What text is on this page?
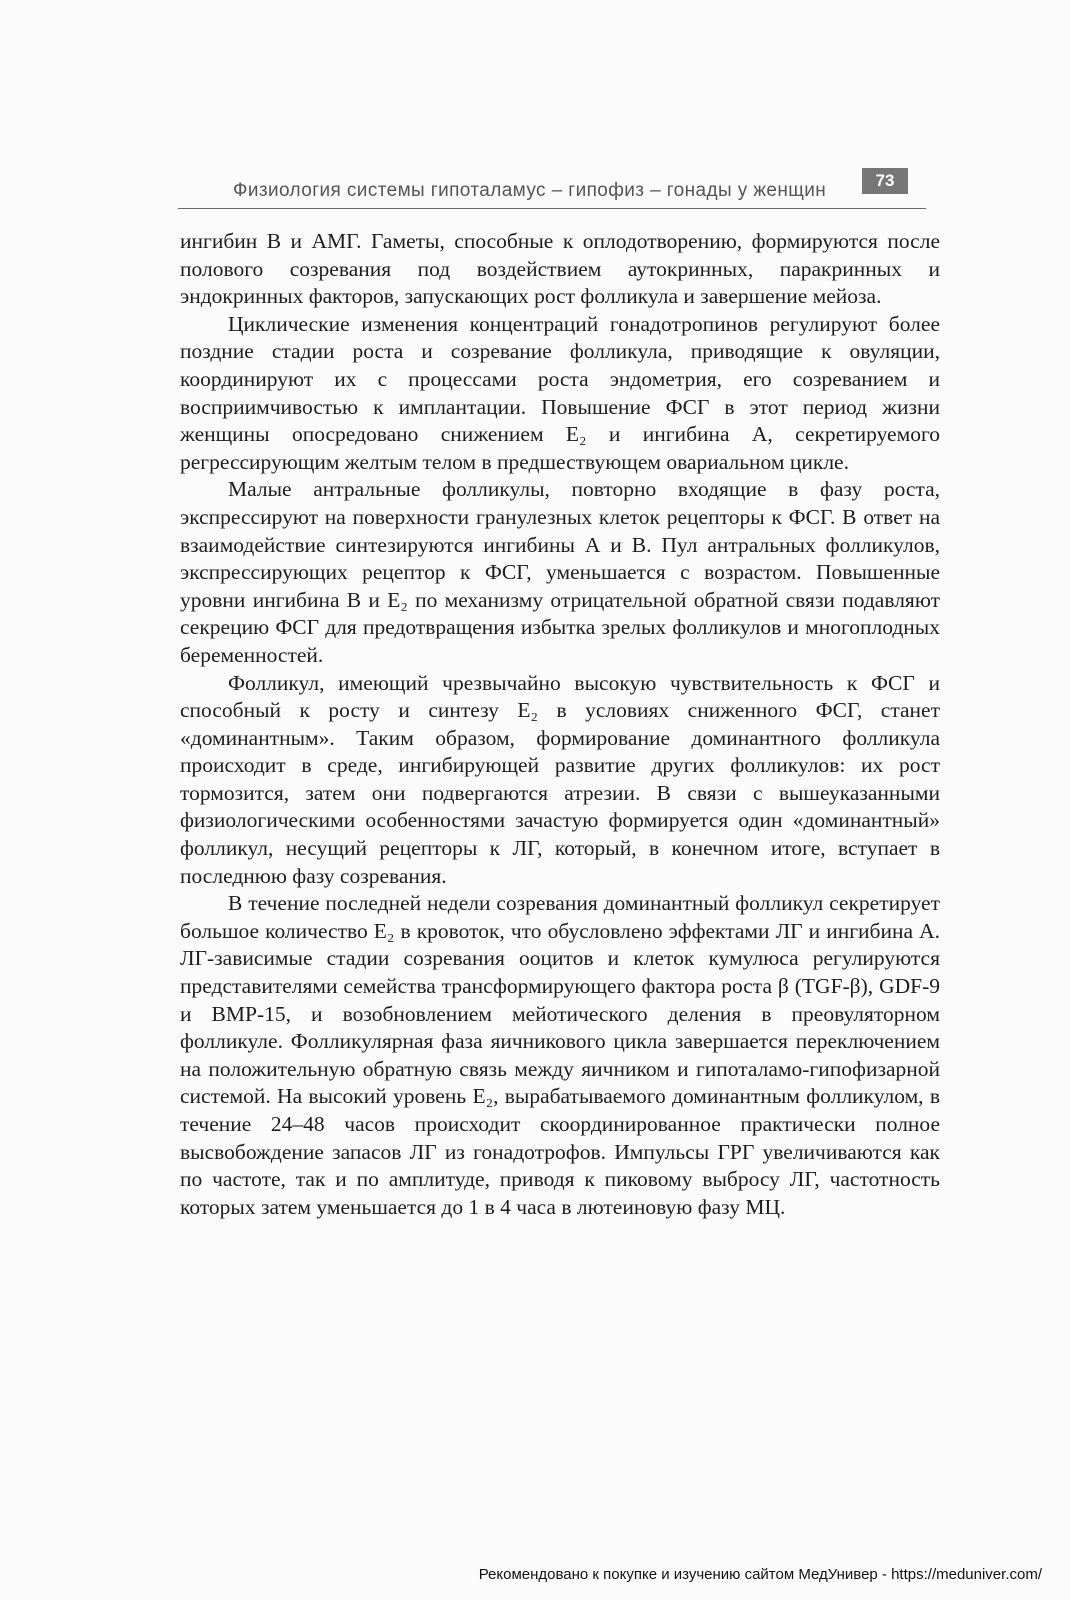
Физиология системы гипоталамус – гипофиз – гонады у женщин	73

ингибин В и АМГ. Гаметы, способные к оплодотворению, формируются после полового созревания под воздействием аутокринных, паракринных и эндокринных факторов, запускающих рост фолликула и завершение мейоза.

Циклические изменения концентраций гонадотропинов регулируют более поздние стадии роста и созревание фолликула, приводящие к овуляции, координируют их с процессами роста эндометрия, его созреванием и восприимчивостью к имплантации. Повышение ФСГ в этот период жизни женщины опосредовано снижением E₂ и ингибина А, секретируемого регрессирующим желтым телом в предшествующем овариальном цикле.

Малые антральные фолликулы, повторно входящие в фазу роста, экспрессируют на поверхности гранулезных клеток рецепторы к ФСГ. В ответ на взаимодействие синтезируются ингибины А и В. Пул антральных фолликулов, экспрессирующих рецептор к ФСГ, уменьшается с возрастом. Повышенные уровни ингибина В и E₂ по механизму отрицательной обратной связи подавляют секрецию ФСГ для предотвращения избытка зрелых фолликулов и многоплодных беременностей.

Фолликул, имеющий чрезвычайно высокую чувствительность к ФСГ и способный к росту и синтезу E₂ в условиях сниженного ФСГ, станет «доминантным». Таким образом, формирование доминантного фолликула происходит в среде, ингибирующей развитие других фолликулов: их рост тормозится, затем они подвергаются атрезии. В связи с вышеуказанными физиологическими особенностями зачастую формируется один «доминантный» фолликул, несущий рецепторы к ЛГ, который, в конечном итоге, вступает в последнюю фазу созревания.

В течение последней недели созревания доминантный фолликул секретирует большое количество E₂ в кровоток, что обусловлено эффектами ЛГ и ингибина А. ЛГ-зависимые стадии созревания ооцитов и клеток кумулюса регулируются представителями семейства трансформирующего фактора роста β (TGF-β), GDF-9 и BMP-15, и возобновлением мейотического деления в преовуляторном фолликуле. Фолликулярная фаза яичникового цикла завершается переключением на положительную обратную связь между яичником и гипоталамо-гипофизарной системой. На высокий уровень E₂, вырабатываемого доминантным фолликулом, в течение 24–48 часов происходит скоординированное практически полное высвобождение запасов ЛГ из гонадотрофов. Импульсы ГРГ увеличиваются как по частоте, так и по амплитуде, приводя к пиковому выбросу ЛГ, частотность которых затем уменьшается до 1 в 4 часа в лютеиновую фазу МЦ.

Рекомендовано к покупке и изучению сайтом МедУнивер - https://meduniver.com/
